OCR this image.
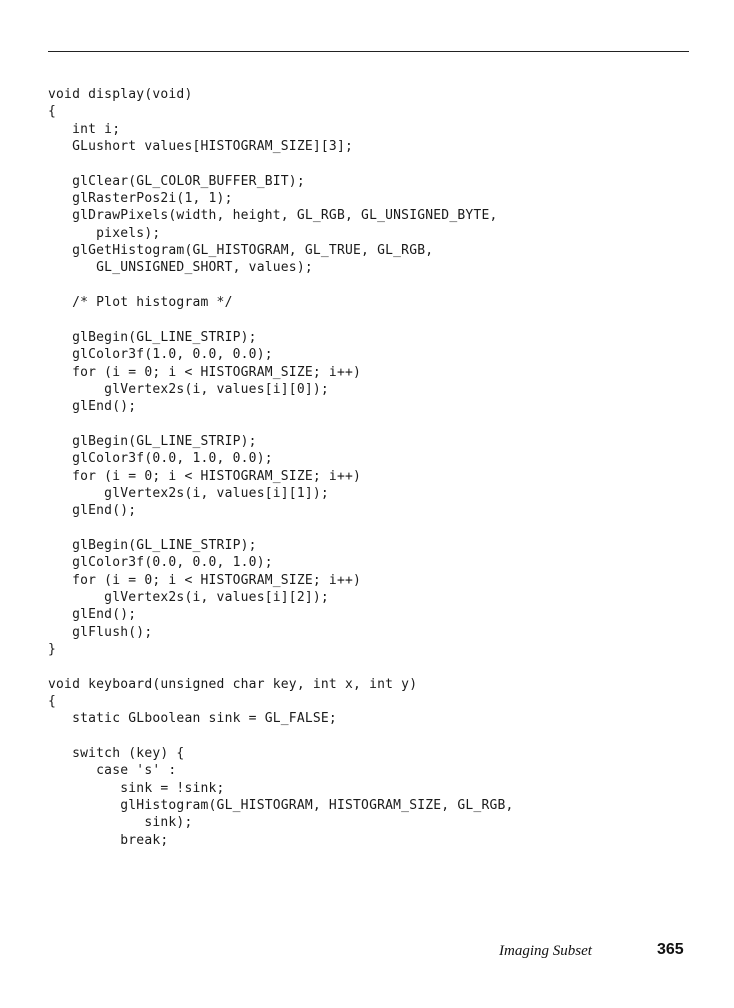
void display(void)
{
int i;
GLushort values[HISTOGRAM_SIZE][3];

glClear(GL_COLOR_BUFFER_BIT);
glRasterPos2i(1, 1);
glDrawPixels(width, height, GL_RGB, GL_UNSIGNED_BYTE,
pixels);
glGetHistogram(GL_HISTOGRAM, GL_TRUE, GL_RGB,
GL_UNSIGNED_SHORT, values);

/* Plot histogram */

glBegin(GL_LINE_STRIP);
glColor3f(1.0, 0.0, 0.0);
for (i = 0; i < HISTOGRAM_SIZE; i++)
glVertex2s(i, values[i][0]);
glEnd();

glBegin(GL_LINE_STRIP);
glColor3f(0.0, 1.0, 0.0);
for (i = 0; i < HISTOGRAM_SIZE; i++)
glVertex2s(i, values[i][1]);
glEnd();

glBegin(GL_LINE_STRIP);
glColor3f(0.0, 0.0, 1.0);
for (i = 0; i < HISTOGRAM_SIZE; i++)
glVertex2s(i, values[i][2]);
glEnd();
glFlush();
}

void keyboard(unsigned char key, int x, int y)
{
static GLboolean sink = GL_FALSE;

switch (key) {
case 's' :
sink = !sink;
glHistogram(GL_HISTOGRAM, HISTOGRAM_SIZE, GL_RGB,
sink);
break;
Imaging Subset	365
